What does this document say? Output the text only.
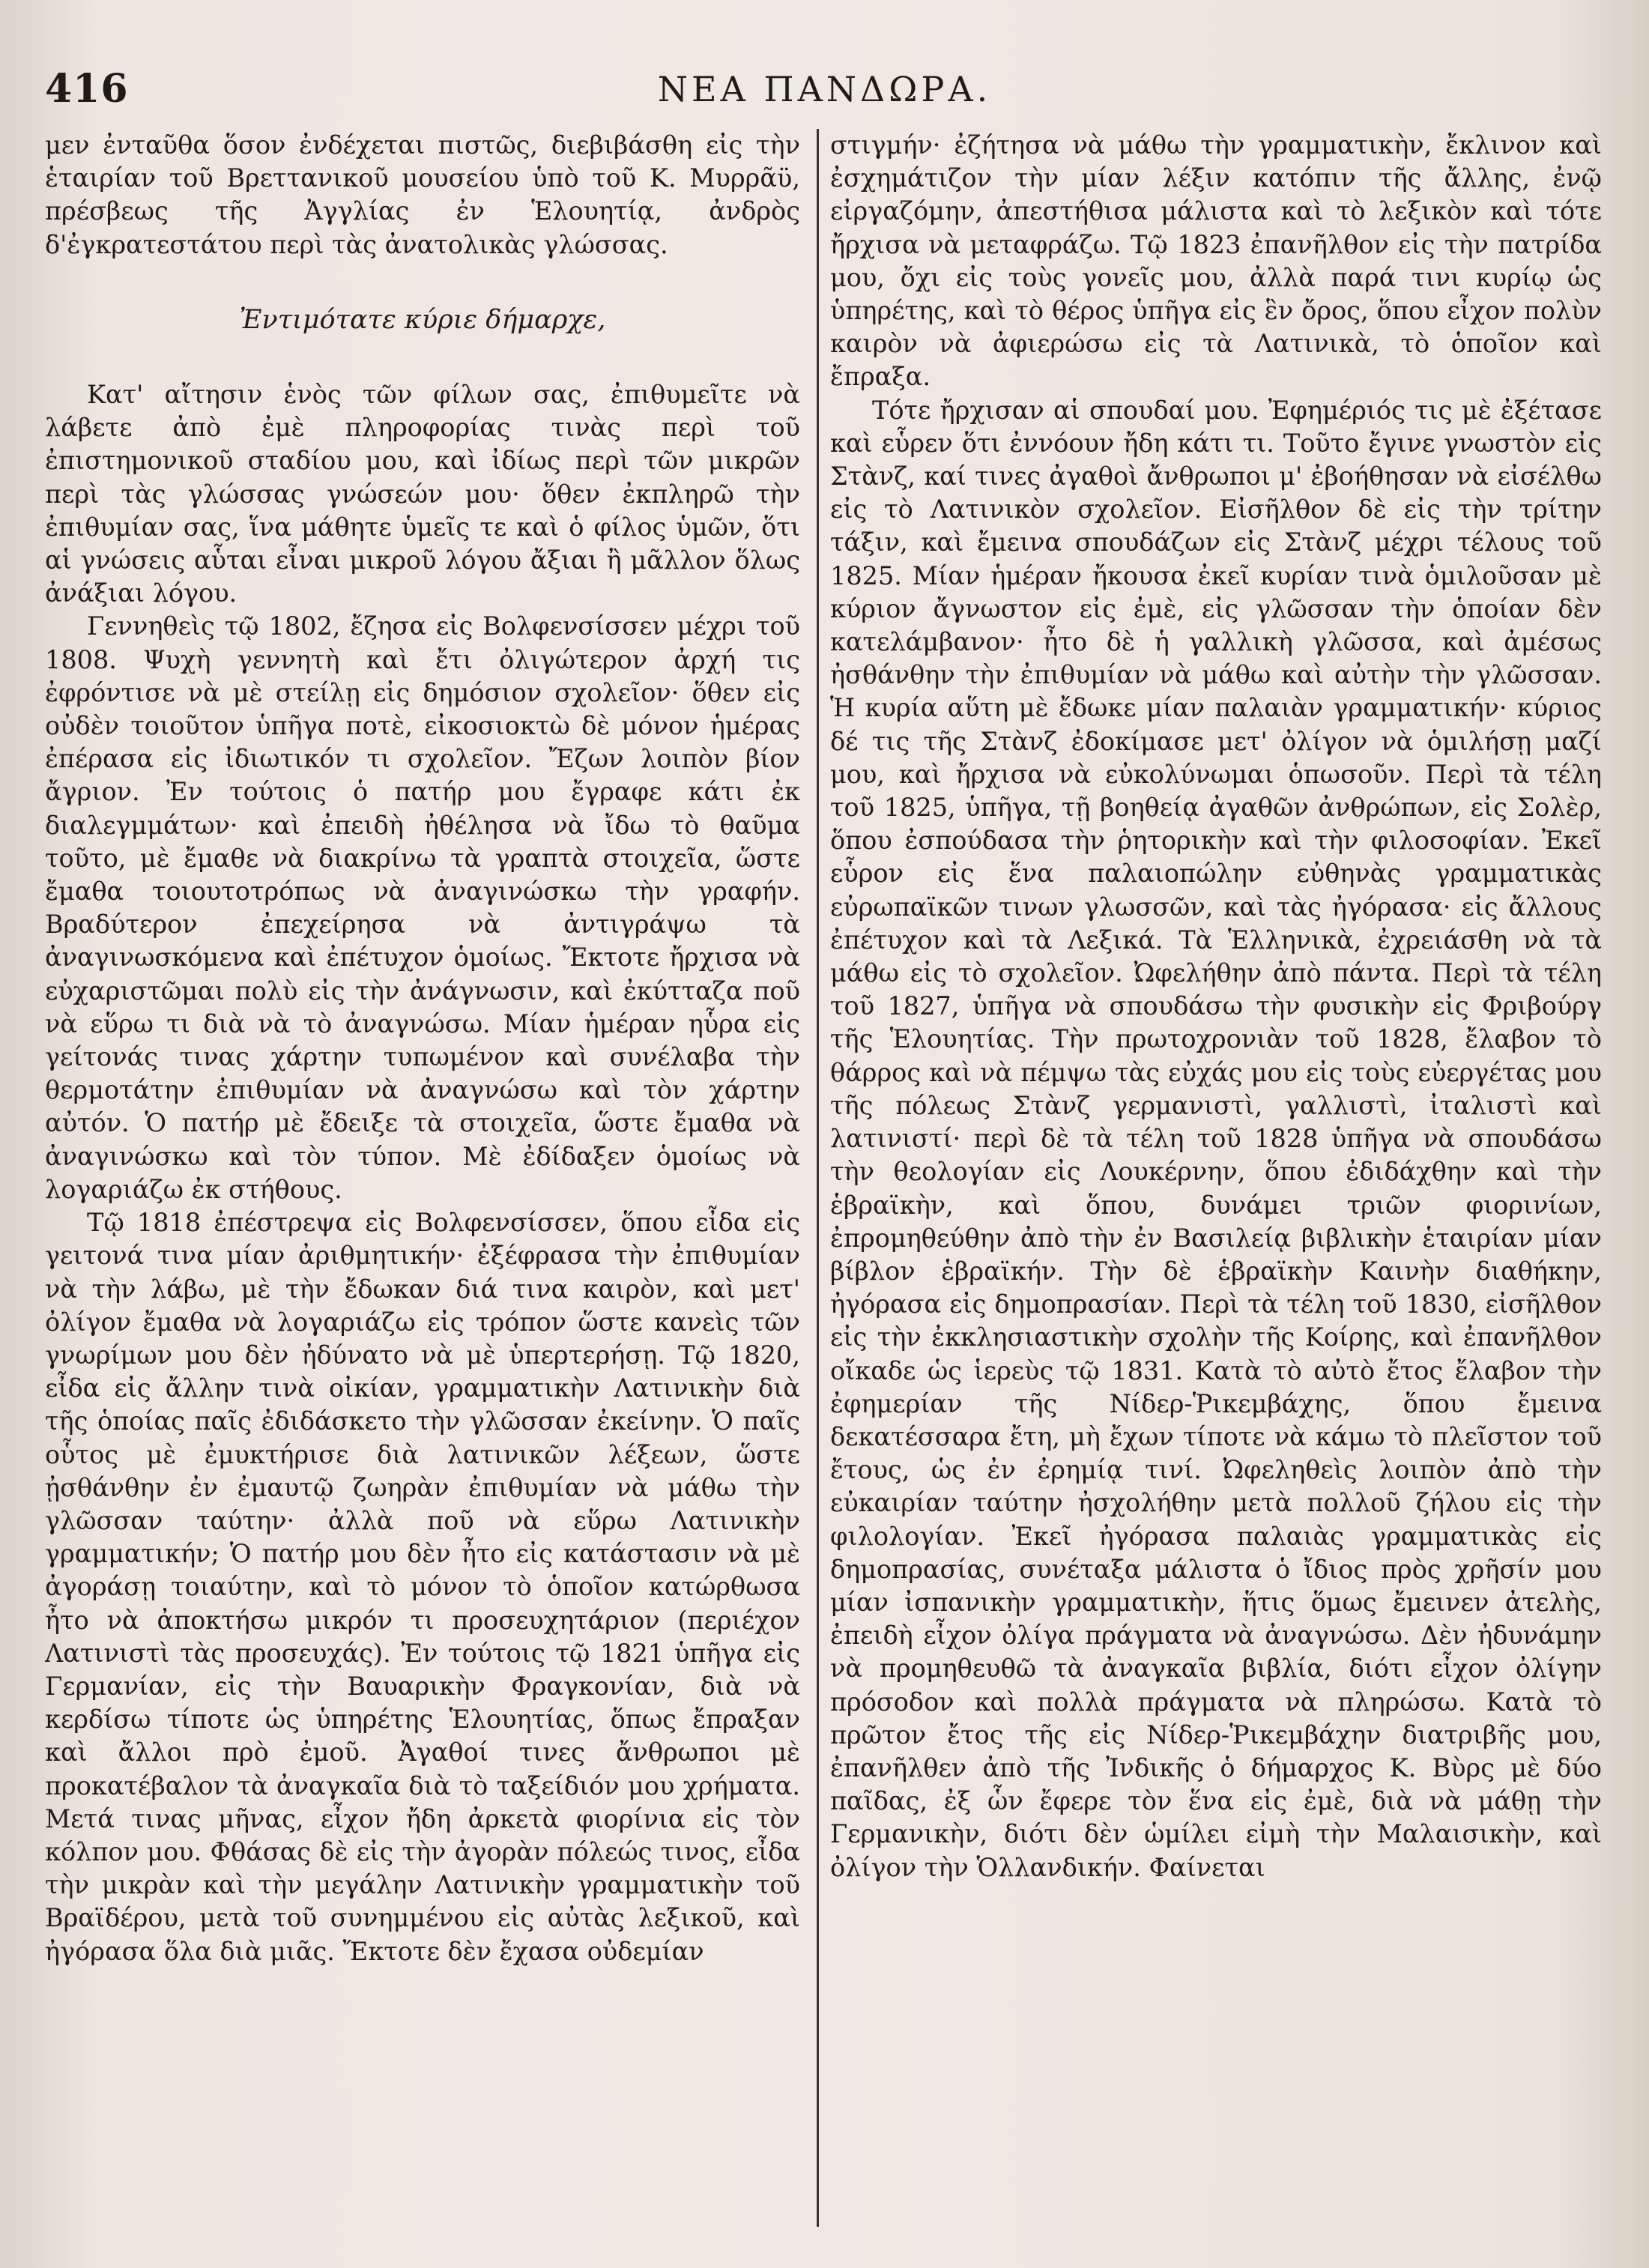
416	ΝΕΑ ΠΑΝΔΩΡΑ.

μεν ἐνταῦθα ὅσον ἐνδέχεται πιστῶς, διεβιβάσθη εἰς τὴν ἑταιρίαν τοῦ Βρεττανικοῦ μουσείου ὑπὸ τοῦ Κ. Μυρρᾶϋ, πρέσβεως τῆς Ἀγγλίας ἐν Ἑλουητίᾳ, ἀνδρὸς δ'ἐγκρατεστάτου περὶ τὰς ἀνατολικὰς γλώσσας.

Ἐντιμότατε κύριε δήμαρχε,

Κατ' αἴτησιν ἑνὸς τῶν φίλων σας, ἐπιθυμεῖτε νὰ λάβετε ἀπὸ ἐμὲ πληροφορίας τινὰς περὶ τοῦ ἐπιστημονικοῦ σταδίου μου, καὶ ἰδίως περὶ τῶν μικρῶν περὶ τὰς γλώσσας γνώσεών μου· ὅθεν ἐκπληρῶ τὴν ἐπιθυμίαν σας, ἵνα μάθητε ὑμεῖς τε καὶ ὁ φίλος ὑμῶν, ὅτι αἱ γνώσεις αὗται εἶναι μικροῦ λόγου ἄξιαι ἢ μᾶλλον ὅλως ἀνάξιαι λόγου.

Γεννηθεὶς τῷ 1802, ἔζησα εἰς Βολφενσίσσεν μέχρι τοῦ 1808. Ψυχὴ γεννητὴ καὶ ἔτι ὀλιγώτερον ἀρχή τις ἐφρόντισε νὰ μὲ στείλῃ εἰς δημόσιον σχολεῖον· ὅθεν εἰς οὐδὲν τοιοῦτον ὑπῆγα ποτὲ, εἰκοσιοκτὼ δὲ μόνον ἡμέρας ἐπέρασα εἰς ἰδιωτικόν τι σχολεῖον. Ἔζων λοιπὸν βίον ἄγριον. Ἐν τούτοις ὁ πατήρ μου ἔγραφε κάτι ἐκ διαλεγμμάτων· καὶ ἐπειδὴ ἠθέλησα νὰ ἴδω τὸ θαῦμα τοῦτο, μὲ ἔμαθε νὰ διακρίνω τὰ γραπτὰ στοιχεῖα, ὥστε ἔμαθα τοιουτοτρόπως νὰ ἀναγινώσκω τὴν γραφήν. Βραδύτερον ἐπεχείρησα νὰ ἀντιγράψω τὰ ἀναγινωσκόμενα καὶ ἐπέτυχον ὁμοίως. Ἔκτοτε ἤρχισα νὰ εὐχαριστῶμαι πολὺ εἰς τὴν ἀνάγνωσιν, καὶ ἐκύτταζα ποῦ νὰ εὕρω τι διὰ νὰ τὸ ἀναγνώσω. Μίαν ἡμέραν ηὗρα εἰς γείτονάς τινας χάρτην τυπωμένον καὶ συνέλαβα τὴν θερμοτάτην ἐπιθυμίαν νὰ ἀναγνώσω καὶ τὸν χάρτην αὐτόν. Ὁ πατήρ μὲ ἔδειξε τὰ στοιχεῖα, ὥστε ἔμαθα νὰ ἀναγινώσκω καὶ τὸν τύπον. Μὲ ἐδίδαξεν ὁμοίως νὰ λογαριάζω ἐκ στήθους.

Τῷ 1818 ἐπέστρεψα εἰς Βολφενσίσσεν, ὅπου εἶδα εἰς γειτονά τινα μίαν ἀριθμητικήν· ἐξέφρασα τὴν ἐπιθυμίαν νὰ τὴν λάβω, μὲ τὴν ἔδωκαν διά τινα καιρὸν, καὶ μετ' ὀλίγον ἔμαθα νὰ λογαριάζω εἰς τρόπον ὥστε κανεὶς τῶν γνωρίμων μου δὲν ἠδύνατο νὰ μὲ ὑπερτερήσῃ. Τῷ 1820, εἶδα εἰς ἄλλην τινὰ οἰκίαν, γραμματικὴν Λατινικὴν διὰ τῆς ὁποίας παῖς ἐδιδάσκετο τὴν γλῶσσαν ἐκείνην. Ὁ παῖς οὗτος μὲ ἐμυκτήρισε διὰ λατινικῶν λέξεων, ὥστε ᾐσθάνθην ἐν ἐμαυτῷ ζωηρὰν ἐπιθυμίαν νὰ μάθω τὴν γλῶσσαν ταύτην· ἀλλὰ ποῦ νὰ εὕρω Λατινικὴν γραμματικήν; Ὁ πατήρ μου δὲν ἦτο εἰς κατάστασιν νὰ μὲ ἀγοράσῃ τοιαύτην, καὶ τὸ μόνον τὸ ὁποῖον κατώρθωσα ἦτο νὰ ἀποκτήσω μικρόν τι προσευχητάριον (περιέχον Λατινιστὶ τὰς προσευχάς). Ἐν τούτοις τῷ 1821 ὑπῆγα εἰς Γερμανίαν, εἰς τὴν Βαυαρικὴν Φραγκονίαν, διὰ νὰ κερδίσω τίποτε ὡς ὑπηρέτης Ἑλουητίας, ὅπως ἔπραξαν καὶ ἄλλοι πρὸ ἐμοῦ. Ἀγαθοί τινες ἄνθρωποι μὲ προκατέβαλον τὰ ἀναγκαῖα διὰ τὸ ταξείδιόν μου χρήματα. Μετά τινας μῆνας, εἶχον ἤδη ἀρκετὰ φιορίνια εἰς τὸν κόλπον μου. Φθάσας δὲ εἰς τὴν ἀγορὰν πόλεώς τινος, εἶδα τὴν μικρὰν καὶ τὴν μεγάλην Λατινικὴν γραμματικὴν τοῦ Βραϊδέρου, μετὰ τοῦ συνημμένου εἰς αὐτὰς λεξικοῦ, καὶ ἠγόρασα ὅλα διὰ μιᾶς. Ἔκτοτε δὲν ἔχασα οὐδεμίαν

στιγμήν· ἐζήτησα νὰ μάθω τὴν γραμματικὴν, ἔκλινον καὶ ἐσχημάτιζον τὴν μίαν λέξιν κατόπιν τῆς ἄλλης, ἐνῷ εἰργαζόμην, ἀπεστήθισα μάλιστα καὶ τὸ λεξικὸν καὶ τότε ἤρχισα νὰ μεταφράζω. Τῷ 1823 ἐπανῆλθον εἰς τὴν πατρίδα μου, ὄχι εἰς τοὺς γονεῖς μου, ἀλλὰ παρά τινι κυρίῳ ὡς ὑπηρέτης, καὶ τὸ θέρος ὑπῆγα εἰς ἓν ὄρος, ὅπου εἶχον πολὺν καιρὸν νὰ ἀφιερώσω εἰς τὰ Λατινικὰ, τὸ ὁποῖον καὶ ἔπραξα.

Τότε ἤρχισαν αἱ σπουδαί μου. Ἐφημέριός τις μὲ ἐξέτασε καὶ εὗρεν ὅτι ἐννόουν ἤδη κάτι τι. Τοῦτο ἔγινε γνωστὸν εἰς Στὰνζ, καί τινες ἀγαθοὶ ἄνθρωποι μ' ἐβοήθησαν νὰ εἰσέλθω εἰς τὸ Λατινικὸν σχολεῖον. Εἰσῆλθον δὲ εἰς τὴν τρίτην τάξιν, καὶ ἔμεινα σπουδάζων εἰς Στὰνζ μέχρι τέλους τοῦ 1825. Μίαν ἡμέραν ἤκουσα ἐκεῖ κυρίαν τινὰ ὁμιλοῦσαν μὲ κύριον ἄγνωστον εἰς ἐμὲ, εἰς γλῶσσαν τὴν ὁποίαν δὲν κατελάμβανον· ἦτο δὲ ἡ γαλλικὴ γλῶσσα, καὶ ἀμέσως ἠσθάνθην τὴν ἐπιθυμίαν νὰ μάθω καὶ αὐτὴν τὴν γλῶσσαν. Ἡ κυρία αὕτη μὲ ἔδωκε μίαν παλαιὰν γραμματικήν· κύριος δέ τις τῆς Στὰνζ ἐδοκίμασε μετ' ὀλίγον νὰ ὁμιλήσῃ μαζί μου, καὶ ἤρχισα νὰ εὐκολύνωμαι ὁπωσοῦν. Περὶ τὰ τέλη τοῦ 1825, ὑπῆγα, τῇ βοηθείᾳ ἀγαθῶν ἀνθρώπων, εἰς Σολὲρ, ὅπου ἐσπούδασα τὴν ῥητορικὴν καὶ τὴν φιλοσοφίαν. Ἐκεῖ εὗρον εἰς ἕνα παλαιοπώλην εὐθηνὰς γραμματικὰς εὐρωπαϊκῶν τινων γλωσσῶν, καὶ τὰς ἠγόρασα· εἰς ἄλλους ἐπέτυχον καὶ τὰ Λεξικά. Τὰ Ἑλληνικὰ, ἐχρειάσθη νὰ τὰ μάθω εἰς τὸ σχολεῖον. Ὠφελήθην ἀπὸ πάντα. Περὶ τὰ τέλη τοῦ 1827, ὑπῆγα νὰ σπουδάσω τὴν φυσικὴν εἰς Φριβούργ τῆς Ἑλουητίας. Τὴν πρωτοχρονιὰν τοῦ 1828, ἔλαβον τὸ θάρρος καὶ νὰ πέμψω τὰς εὐχάς μου εἰς τοὺς εὐεργέτας μου τῆς πόλεως Στὰνζ γερμανιστὶ, γαλλιστὶ, ἰταλιστὶ καὶ λατινιστί· περὶ δὲ τὰ τέλη τοῦ 1828 ὑπῆγα νὰ σπουδάσω τὴν θεολογίαν εἰς Λουκέρνην, ὅπου ἐδιδάχθην καὶ τὴν ἑβραϊκὴν, καὶ ὅπου, δυνάμει τριῶν φιορινίων, ἐπρομηθεύθην ἀπὸ τὴν ἐν Βασιλείᾳ βιβλικὴν ἑταιρίαν μίαν βίβλον ἑβραϊκήν. Τὴν δὲ ἑβραϊκὴν Καινὴν διαθήκην, ἠγόρασα εἰς δημοπρασίαν. Περὶ τὰ τέλη τοῦ 1830, εἰσῆλθον εἰς τὴν ἐκκλησιαστικὴν σχολὴν τῆς Κοίρης, καὶ ἐπανῆλθον οἴκαδε ὡς ἱερεὺς τῷ 1831. Κατὰ τὸ αὐτὸ ἔτος ἔλαβον τὴν ἐφημερίαν τῆς Νίδερ-Ῥικεμβάχης, ὅπου ἔμεινα δεκατέσσαρα ἔτη, μὴ ἔχων τίποτε νὰ κάμω τὸ πλεῖστον τοῦ ἔτους, ὡς ἐν ἐρημίᾳ τινί. Ὠφεληθεὶς λοιπὸν ἀπὸ τὴν εὐκαιρίαν ταύτην ἠσχολήθην μετὰ πολλοῦ ζήλου εἰς τὴν φιλολογίαν. Ἐκεῖ ἠγόρασα παλαιὰς γραμματικὰς εἰς δημοπρασίας, συνέταξα μάλιστα ὁ ἴδιος πρὸς χρῆσίν μου μίαν ἰσπανικὴν γραμματικὴν, ἥτις ὅμως ἔμεινεν ἀτελὴς, ἐπειδὴ εἶχον ὀλίγα πράγματα νὰ ἀναγνώσω. Δὲν ἠδυνάμην νὰ προμηθευθῶ τὰ ἀναγκαῖα βιβλία, διότι εἶχον ὀλίγην πρόσοδον καὶ πολλὰ πράγματα νὰ πληρώσω. Κατὰ τὸ πρῶτον ἔτος τῆς εἰς Νίδερ-Ῥικεμβάχην διατριβῆς μου, ἐπανῆλθεν ἀπὸ τῆς Ἰνδικῆς ὁ δήμαρχος Κ. Βὺρς μὲ δύο παῖδας, ἐξ ὧν ἔφερε τὸν ἕνα εἰς ἐμὲ, διὰ νὰ μάθῃ τὴν Γερμανικὴν, διότι δὲν ὡμίλει εἰμὴ τὴν Μαλαισικὴν, καὶ ὀλίγον τὴν Ὁλλανδικήν. Φαίνεται
